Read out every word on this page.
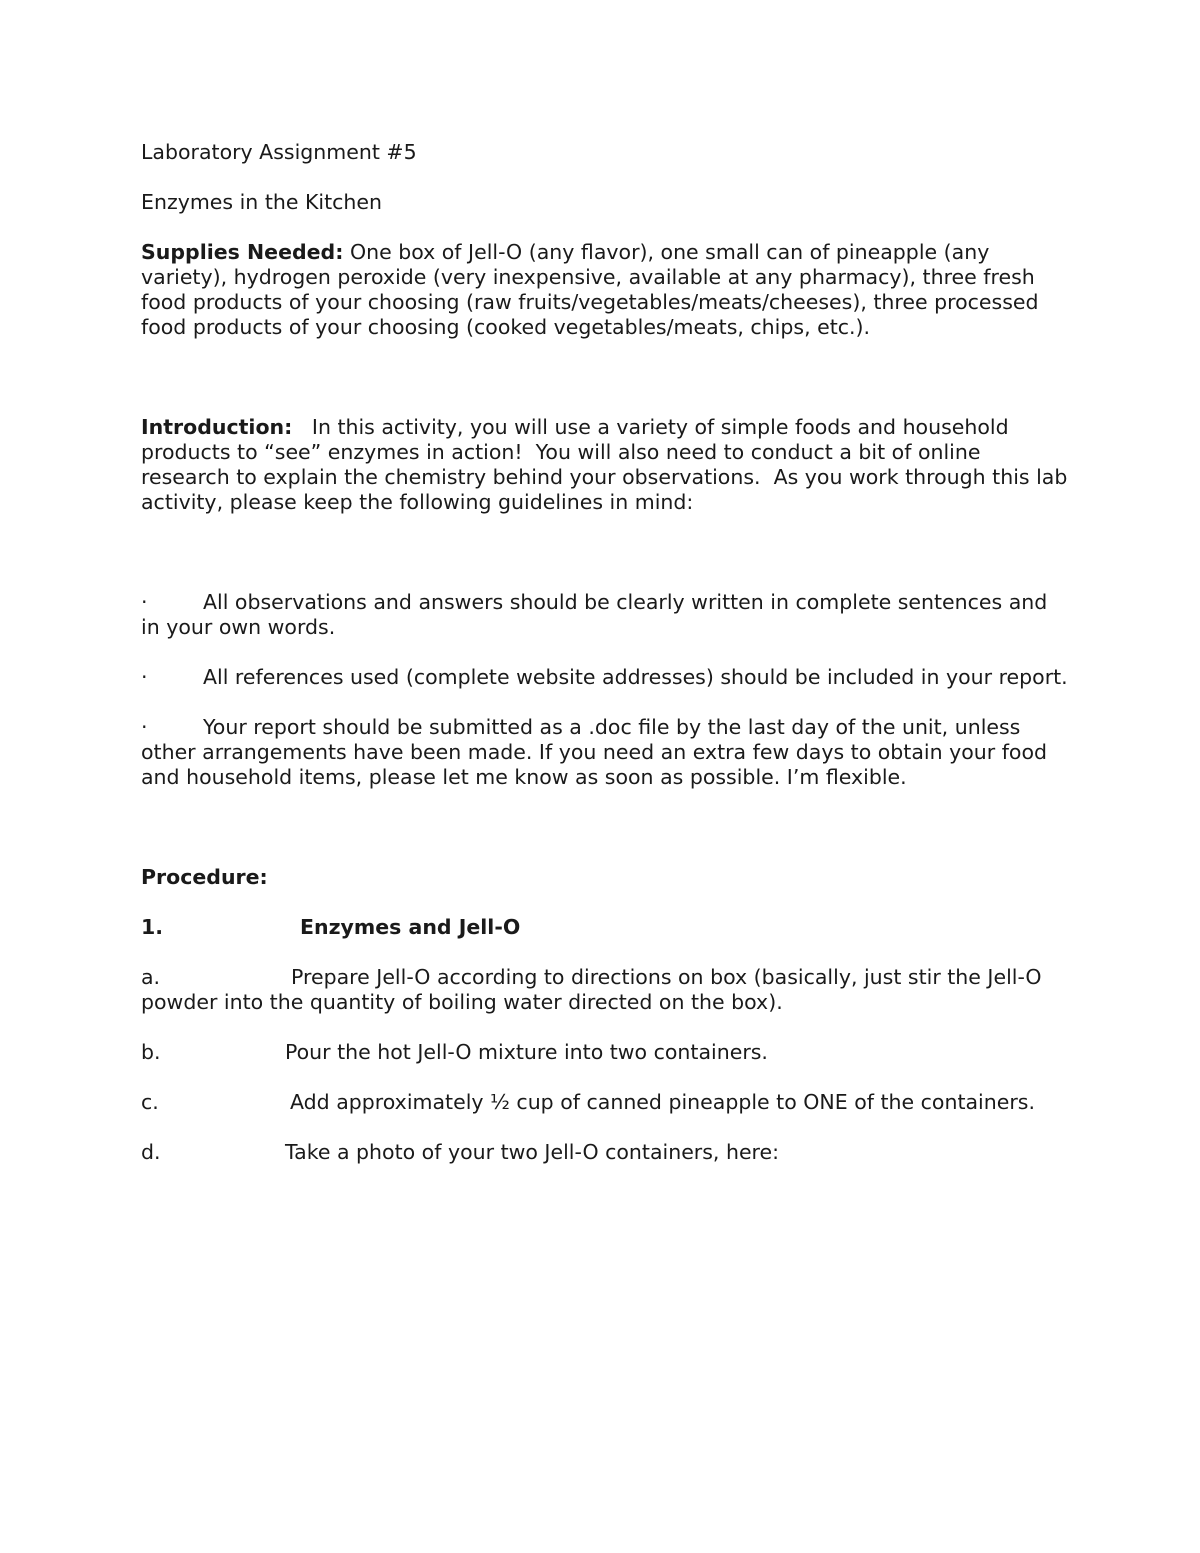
Laboratory Assignment #5

Enzymes in the Kitchen

Supplies Needed: One box of Jell-O (any flavor), one small can of pineapple (any variety), hydrogen peroxide (very inexpensive, available at any pharmacy), three fresh food products of your choosing (raw fruits/vegetables/meats/cheeses), three processed food products of your choosing (cooked vegetables/meats, chips, etc.).

Introduction:   In this activity, you will use a variety of simple foods and household products to “see” enzymes in action!  You will also need to conduct a bit of online research to explain the chemistry behind your observations.  As you work through this lab activity, please keep the following guidelines in mind:

·	All observations and answers should be clearly written in complete sentences and in your own words.

·	All references used (complete website addresses) should be included in your report.

·	Your report should be submitted as a .doc file by the last day of the unit, unless other arrangements have been made. If you need an extra few days to obtain your food and household items, please let me know as soon as possible. I’m flexible.

Procedure:

1.	Enzymes and Jell-O

a.	Prepare Jell-O according to directions on box (basically, just stir the Jell-O powder into the quantity of boiling water directed on the box).

b.	Pour the hot Jell-O mixture into two containers.

c.	Add approximately ½ cup of canned pineapple to ONE of the containers.

d.	Take a photo of your two Jell-O containers, here:
